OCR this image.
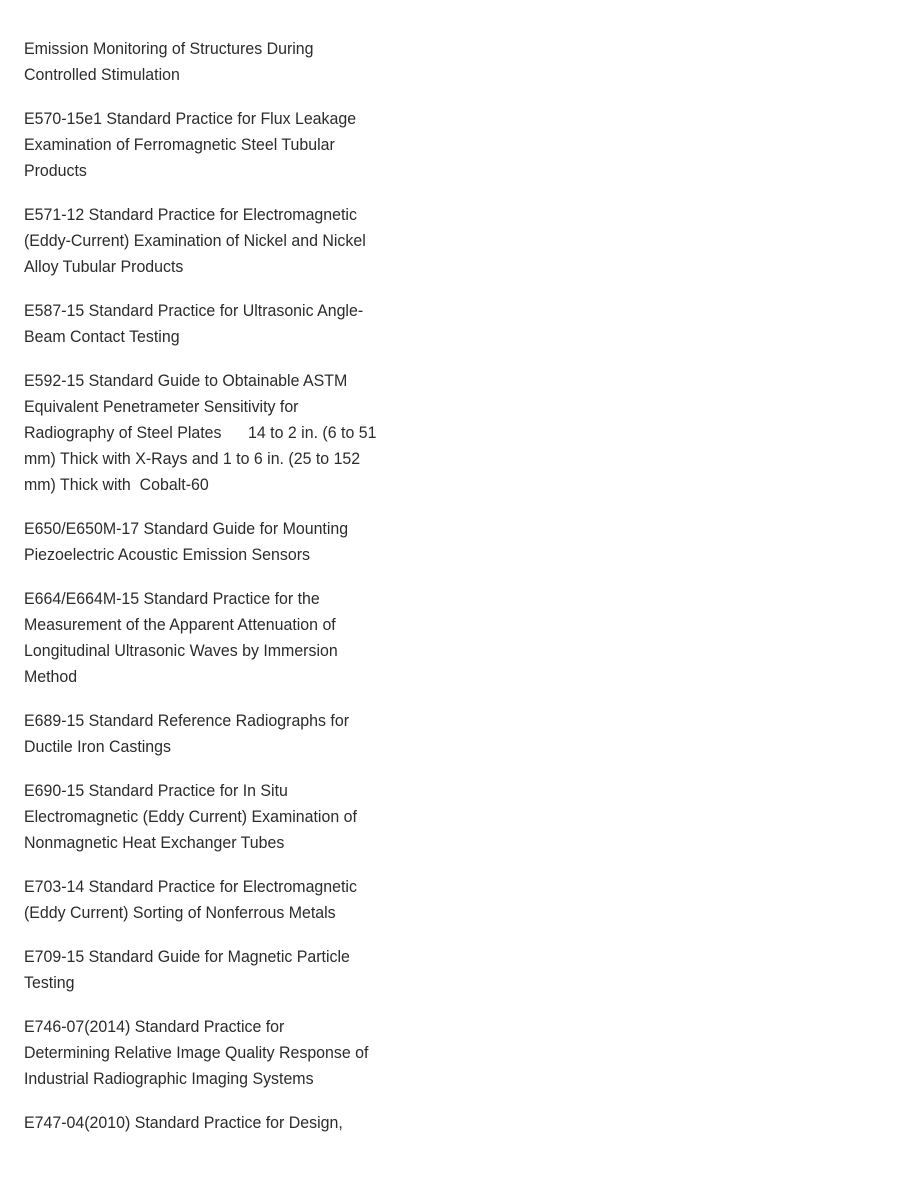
Emission Monitoring of Structures During
Controlled Stimulation
E570-15e1 Standard Practice for Flux Leakage
Examination of Ferromagnetic Steel Tubular
Products
E571-12 Standard Practice for Electromagnetic
(Eddy-Current) Examination of Nickel and Nickel
Alloy Tubular Products
E587-15 Standard Practice for Ultrasonic Angle-
Beam Contact Testing
E592-15 Standard Guide to Obtainable ASTM
Equivalent Penetrameter Sensitivity for
Radiography of Steel Plates      14 to 2 in. (6 to 51
mm) Thick with X-Rays and 1 to 6 in. (25 to 152
mm) Thick with  Cobalt-60
E650/E650M-17 Standard Guide for Mounting
Piezoelectric Acoustic Emission Sensors
E664/E664M-15 Standard Practice for the
Measurement of the Apparent Attenuation of
Longitudinal Ultrasonic Waves by Immersion
Method
E689-15 Standard Reference Radiographs for
Ductile Iron Castings
E690-15 Standard Practice for In Situ
Electromagnetic (Eddy Current) Examination of
Nonmagnetic Heat Exchanger Tubes
E703-14 Standard Practice for Electromagnetic
(Eddy Current) Sorting of Nonferrous Metals
E709-15 Standard Guide for Magnetic Particle
Testing
E746-07(2014) Standard Practice for
Determining Relative Image Quality Response of
Industrial Radiographic Imaging Systems
E747-04(2010) Standard Practice for Design,
